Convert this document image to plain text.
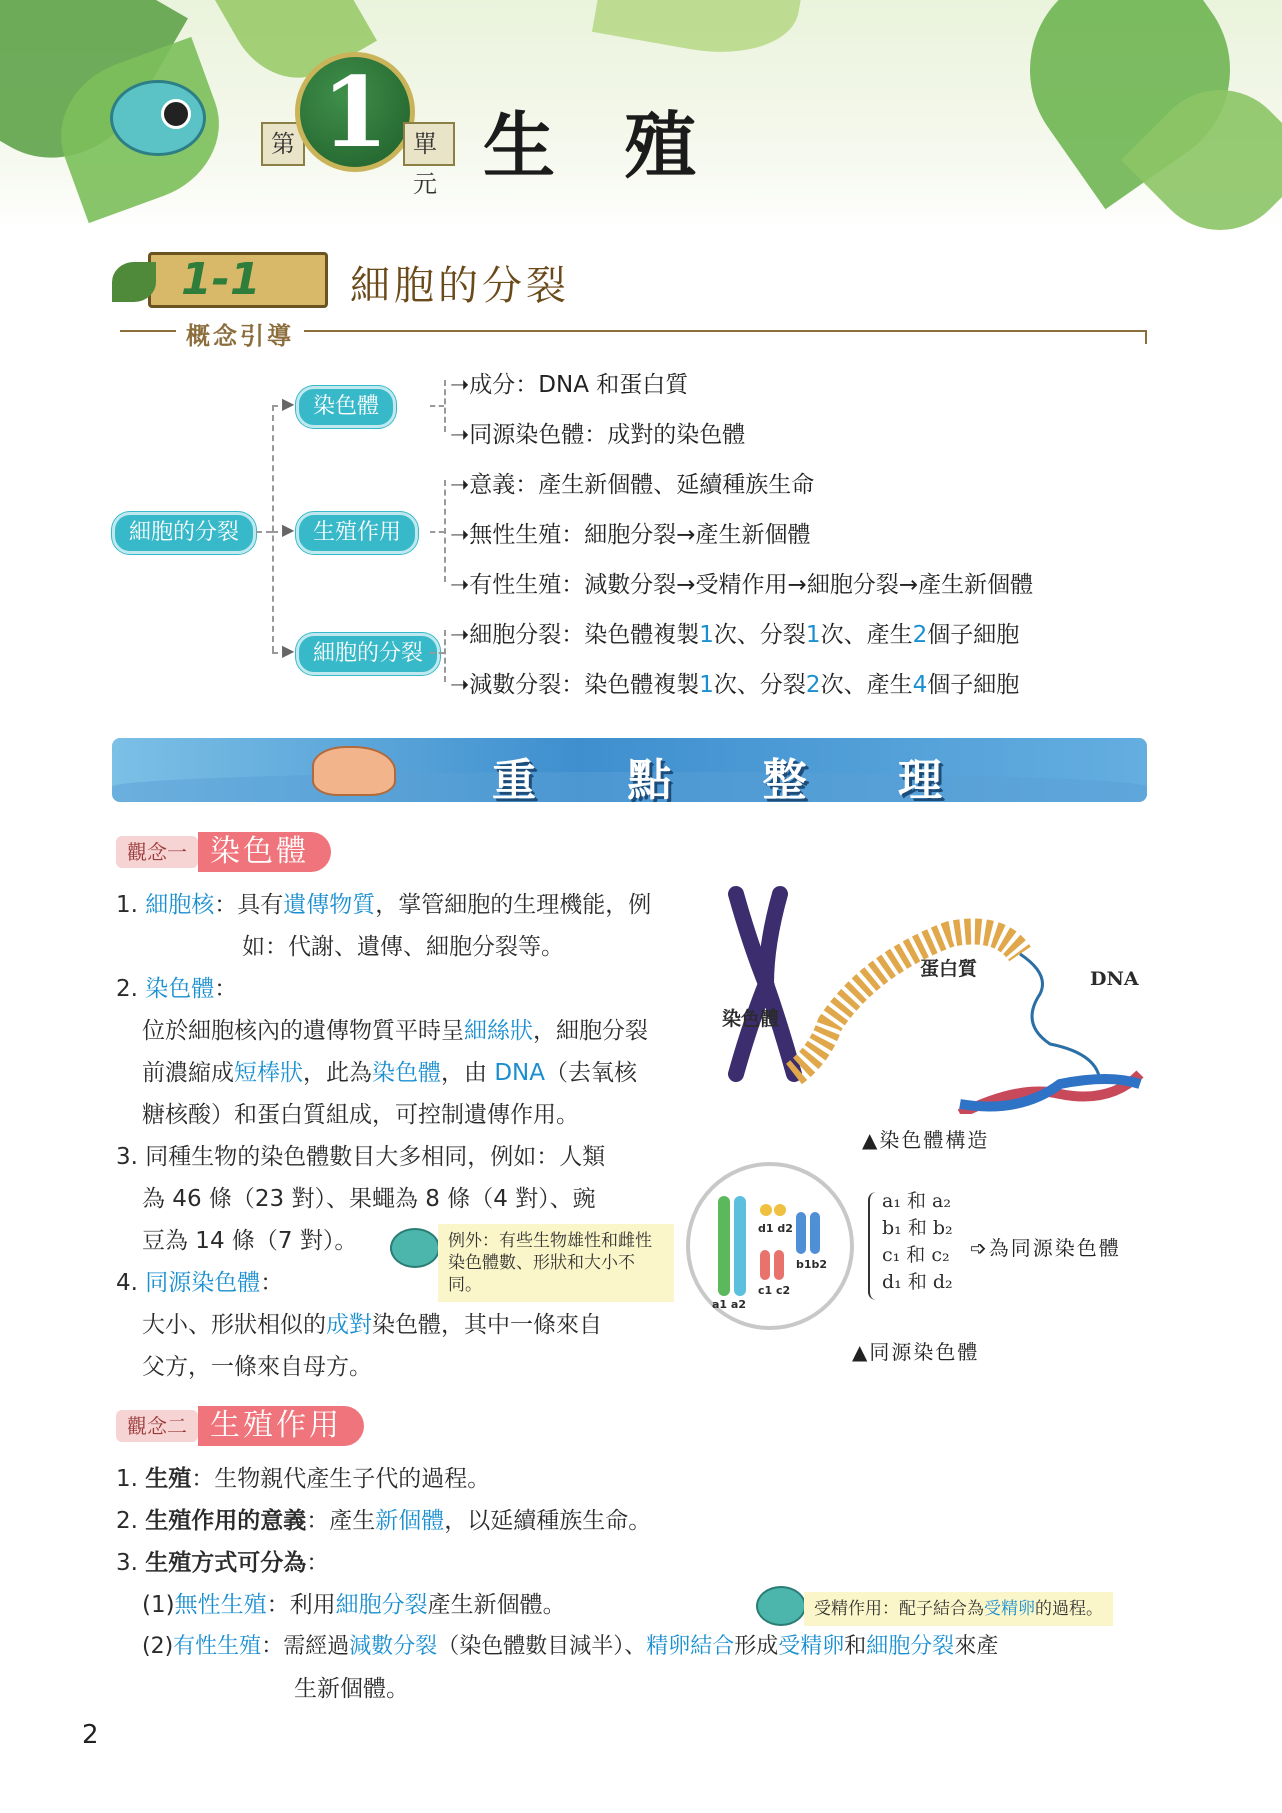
第 1	單元 生 殖
1-1 細胞的分裂
概念引導
細胞的分裂
▶
▶
▶
染色體
生殖作用
細胞的分裂
➝成分：DNA 和蛋白質
➝同源染色體：成對的染色體
➝意義：產生新個體、延續種族生命
➝無性生殖：細胞分裂→產生新個體
➝有性生殖：減數分裂→受精作用→細胞分裂→產生新個體
➝細胞分裂：染色體複製1次、分裂1次、產生2個子細胞
➝減數分裂：染色體複製1次、分裂2次、產生4個子細胞
重 點 整 理
觀念一 染色體
1. 細胞核：具有遺傳物質，掌管細胞的生理機能，例
如：代謝、遺傳、細胞分裂等。
2. 染色體：
位於細胞核內的遺傳物質平時呈細絲狀，細胞分裂
前濃縮成短棒狀，此為染色體，由 DNA（去氧核
糖核酸）和蛋白質組成，可控制遺傳作用。
3. 同種生物的染色體數目大多相同，例如：人類
為 46 條（23 對）、果蠅為 8 條（4 對）、豌
豆為 14 條（7 對）。	例外：有些生物雄性和雌性染色體數、形狀和大小不同。
4. 同源染色體：
大小、形狀相似的成對染色體，其中一條來自
父方，一條來自母方。
染色體
蛋白質	DNA
▲染色體構造
a1 a2
d1 d2
c1 c2
b1b2
a₁ 和 a₂
b₁ 和 b₂
c₁ 和 c₂
d₁ 和 d₂
➩為同源染色體
▲同源染色體
觀念二 生殖作用
1. 生殖：生物親代產生子代的過程。
2. 生殖作用的意義：產生新個體，以延續種族生命。
3. 生殖方式可分為：
(1)無性生殖：利用細胞分裂產生新個體。	受精作用：配子結合為受精卵的過程。
(2)有性生殖：需經過減數分裂（染色體數目減半）、精卵結合形成受精卵和細胞分裂來產
生新個體。
2
